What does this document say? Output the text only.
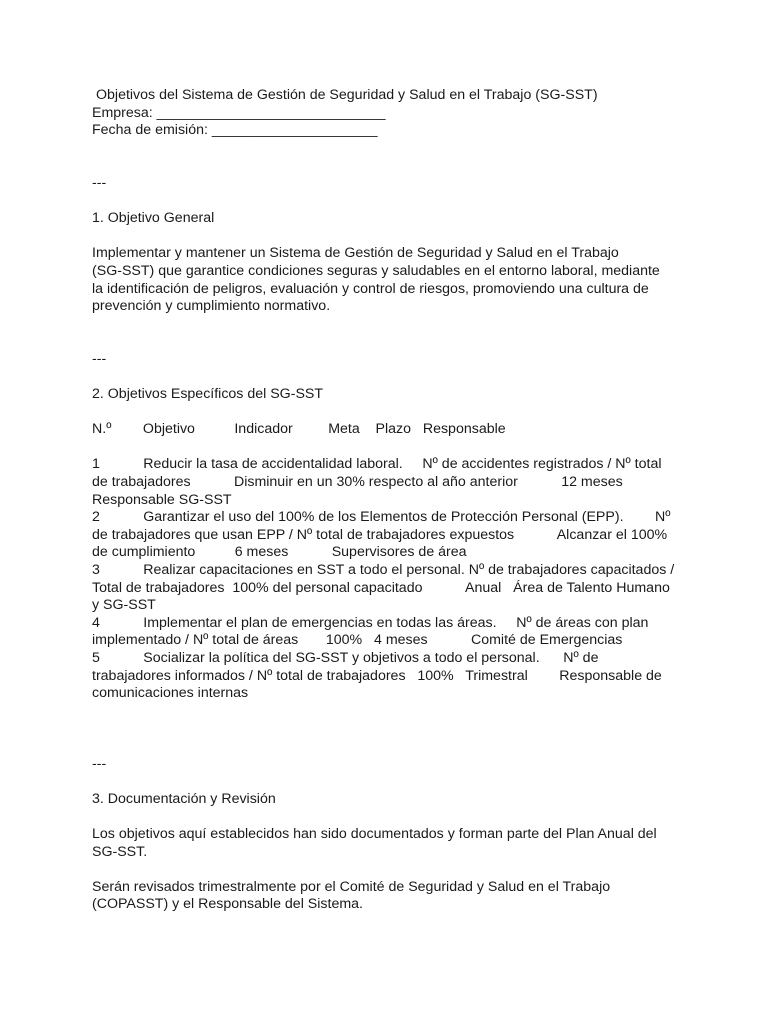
Objetivos del Sistema de Gestión de Seguridad y Salud en el Trabajo (SG-SST)
Empresa: _____________________________
Fecha de emisión: _____________________
---
1. Objetivo General
Implementar y mantener un Sistema de Gestión de Seguridad y Salud en el Trabajo
(SG-SST) que garantice condiciones seguras y saludables en el entorno laboral, mediante
la identificación de peligros, evaluación y control de riesgos, promoviendo una cultura de
prevención y cumplimiento normativo.
---
2. Objetivos Específicos del SG-SST
N.º        Objetivo          Indicador         Meta    Plazo   Responsable
1           Reducir la tasa de accidentalidad laboral.     Nº de accidentes registrados / Nº total
de trabajadores           Disminuir en un 30% respecto al año anterior           12 meses
Responsable SG-SST
2           Garantizar el uso del 100% de los Elementos de Protección Personal (EPP).        Nº
de trabajadores que usan EPP / Nº total de trabajadores expuestos           Alcanzar el 100%
de cumplimiento          6 meses           Supervisores de área
3           Realizar capacitaciones en SST a todo el personal. Nº de trabajadores capacitados /
Total de trabajadores  100% del personal capacitado           Anual   Área de Talento Humano
y SG-SST
4           Implementar el plan de emergencias en todas las áreas.     Nº de áreas con plan
implementado / Nº total de áreas       100%   4 meses           Comité de Emergencias
5           Socializar la política del SG-SST y objetivos a todo el personal.      Nº de
trabajadores informados / Nº total de trabajadores   100%   Trimestral        Responsable de
comunicaciones internas
---
3. Documentación y Revisión
Los objetivos aquí establecidos han sido documentados y forman parte del Plan Anual del
SG-SST.
Serán revisados trimestralmente por el Comité de Seguridad y Salud en el Trabajo
(COPASST) y el Responsable del Sistema.
